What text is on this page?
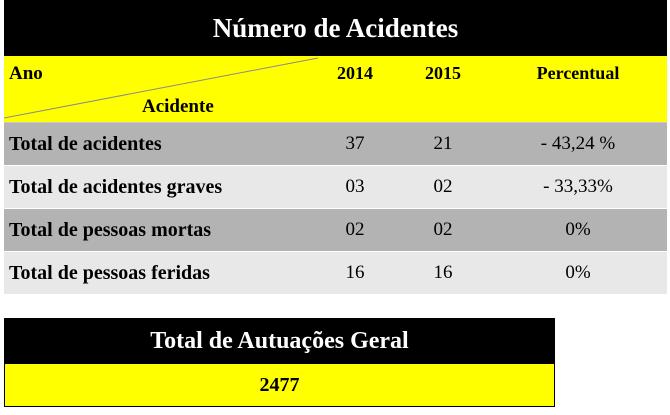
Número de Acidentes
Ano
Acidente
2014	2015	Percentual
Total de acidentes	37	21	- 43,24 %
Total de acidentes graves	03	02	- 33,33%
Total de pessoas mortas	02	02	0%
Total de pessoas feridas	16	16	0%
Total de Autuações Geral
2477
